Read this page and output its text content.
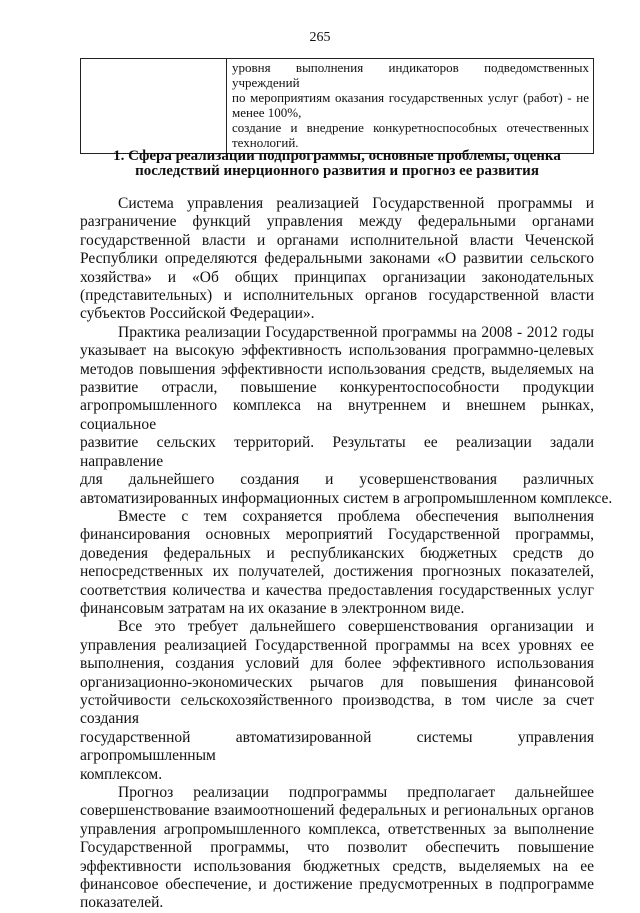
265

уровня выполнения индикаторов подведомственных учреждений
по мероприятиям оказания государственных услуг (работ) - не
менее 100%,
создание и внедрение конкуретноспособных отечественных
технологий.
1. Сфера реализации подпрограммы, основные проблемы, оценка
последствий инерционного развития и прогноз ее развития

Система управления реализацией Государственной программы и
разграничение функций управления между федеральными органами
государственной власти и органами исполнительной власти Чеченской
Республики определяются федеральными законами «О развитии сельского
хозяйства» и «Об общих принципах организации законодательных
(представительных) и исполнительных органов государственной власти
субъектов Российской Федерации».

Практика реализации Государственной программы на 2008 - 2012 годы
указывает на высокую эффективность использования программно-целевых
методов повышения эффективности использования средств, выделяемых на
развитие отрасли, повышение конкурентоспособности продукции
агропромышленного комплекса на внутреннем и внешнем рынках, социальное
развитие сельских территорий. Результаты ее реализации задали направление
для дальнейшего создания и усовершенствования различных
автоматизированных информационных систем в агропромышленном комплексе.

Вместе с тем сохраняется проблема обеспечения выполнения
финансирования основных мероприятий Государственной программы,
доведения федеральных и республиканских бюджетных средств до
непосредственных их получателей, достижения прогнозных показателей,
соответствия количества и качества предоставления государственных услуг
финансовым затратам на их оказание в электронном виде.

Все это требует дальнейшего совершенствования организации и
управления реализацией Государственной программы на всех уровнях ее
выполнения, создания условий для более эффективного использования
организационно-экономических рычагов для повышения финансовой
устойчивости сельскохозяйственного производства, в том числе за счет создания
государственной автоматизированной системы управления агропромышленным
комплексом.

Прогноз реализации подпрограммы предполагает дальнейшее
совершенствование взаимоотношений федеральных и региональных органов
управления агропромышленного комплекса, ответственных за выполнение
Государственной программы, что позволит обеспечить повышение
эффективности использования бюджетных средств, выделяемых на ее
финансовое обеспечение, и достижение предусмотренных в подпрограмме
показателей.
